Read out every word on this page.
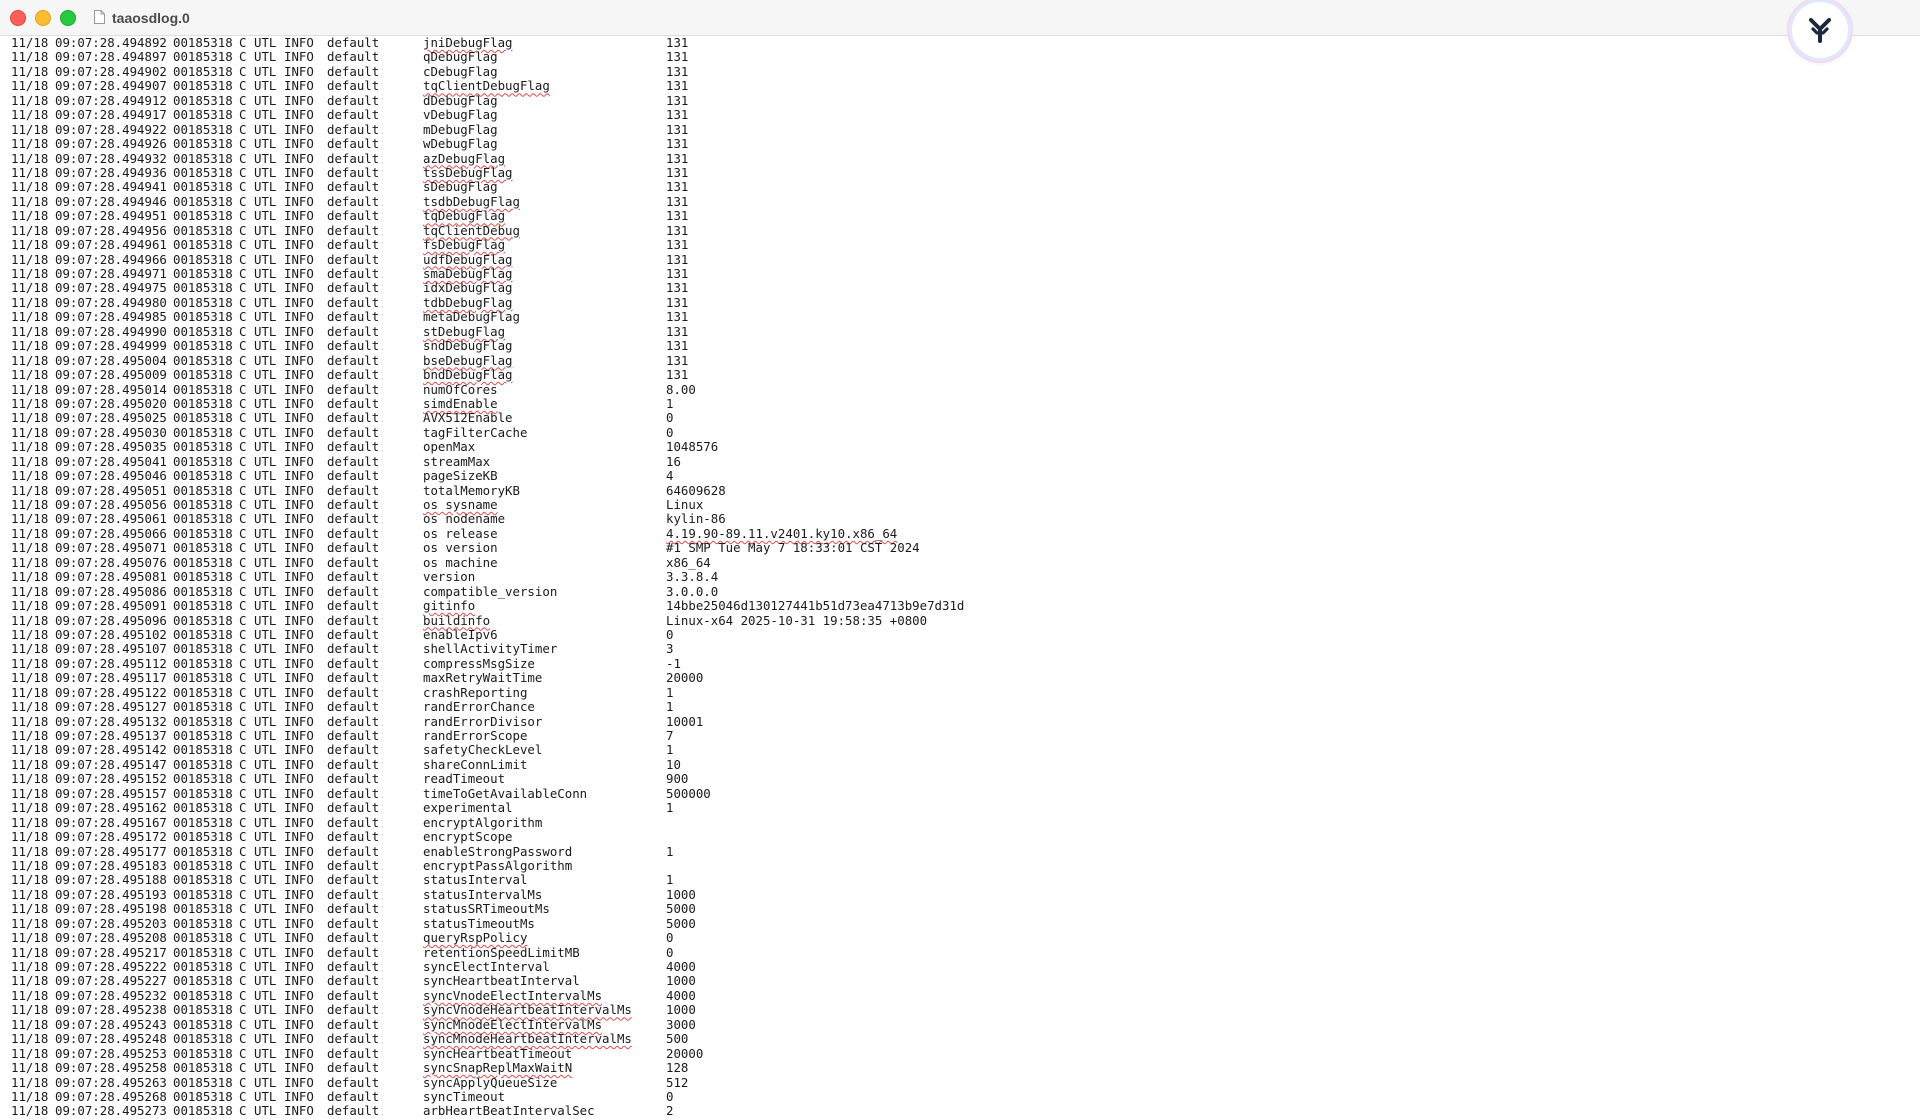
taaosdlog.0
11/18 09:07:28.494892 00185318 C UTL INFO default	jniDebugFlag	131
11/18 09:07:28.494897 00185318 C UTL INFO default	qDebugFlag	131
11/18 09:07:28.494902 00185318 C UTL INFO default	cDebugFlag	131
11/18 09:07:28.494907 00185318 C UTL INFO default	tqClientDebugFlag	131
11/18 09:07:28.494912 00185318 C UTL INFO default	dDebugFlag	131
11/18 09:07:28.494917 00185318 C UTL INFO default	vDebugFlag	131
11/18 09:07:28.494922 00185318 C UTL INFO default	mDebugFlag	131
11/18 09:07:28.494926 00185318 C UTL INFO default	wDebugFlag	131
11/18 09:07:28.494932 00185318 C UTL INFO default	azDebugFlag	131
11/18 09:07:28.494936 00185318 C UTL INFO default	tssDebugFlag	131
11/18 09:07:28.494941 00185318 C UTL INFO default	sDebugFlag	131
11/18 09:07:28.494946 00185318 C UTL INFO default	tsdbDebugFlag	131
11/18 09:07:28.494951 00185318 C UTL INFO default	tqDebugFlag	131
11/18 09:07:28.494956 00185318 C UTL INFO default	tqClientDebug	131
11/18 09:07:28.494961 00185318 C UTL INFO default	fsDebugFlag	131
11/18 09:07:28.494966 00185318 C UTL INFO default	udfDebugFlag	131
11/18 09:07:28.494971 00185318 C UTL INFO default	smaDebugFlag	131
11/18 09:07:28.494975 00185318 C UTL INFO default	idxDebugFlag	131
11/18 09:07:28.494980 00185318 C UTL INFO default	tdbDebugFlag	131
11/18 09:07:28.494985 00185318 C UTL INFO default	metaDebugFlag	131
11/18 09:07:28.494990 00185318 C UTL INFO default	stDebugFlag	131
11/18 09:07:28.494999 00185318 C UTL INFO default	sndDebugFlag	131
11/18 09:07:28.495004 00185318 C UTL INFO default	bseDebugFlag	131
11/18 09:07:28.495009 00185318 C UTL INFO default	bndDebugFlag	131
11/18 09:07:28.495014 00185318 C UTL INFO default	numOfCores	8.00
11/18 09:07:28.495020 00185318 C UTL INFO default	simdEnable	1
11/18 09:07:28.495025 00185318 C UTL INFO default	AVX512Enable	0
11/18 09:07:28.495030 00185318 C UTL INFO default	tagFilterCache	0
11/18 09:07:28.495035 00185318 C UTL INFO default	openMax	1048576
11/18 09:07:28.495041 00185318 C UTL INFO default	streamMax	16
11/18 09:07:28.495046 00185318 C UTL INFO default	pageSizeKB	4
11/18 09:07:28.495051 00185318 C UTL INFO default	totalMemoryKB	64609628
11/18 09:07:28.495056 00185318 C UTL INFO default	os sysname	Linux
11/18 09:07:28.495061 00185318 C UTL INFO default	os nodename	kylin-86
11/18 09:07:28.495066 00185318 C UTL INFO default	os release	4.19.90-89.11.v2401.ky10.x86_64
11/18 09:07:28.495071 00185318 C UTL INFO default	os version	#1 SMP Tue May 7 18:33:01 CST 2024
11/18 09:07:28.495076 00185318 C UTL INFO default	os machine	x86_64
11/18 09:07:28.495081 00185318 C UTL INFO default	version	3.3.8.4
11/18 09:07:28.495086 00185318 C UTL INFO default	compatible_version	3.0.0.0
11/18 09:07:28.495091 00185318 C UTL INFO default	gitinfo	14bbe25046d130127441b51d73ea4713b9e7d31d
11/18 09:07:28.495096 00185318 C UTL INFO default	buildinfo	Linux-x64 2025-10-31 19:58:35 +0800
11/18 09:07:28.495102 00185318 C UTL INFO default	enableIpv6	0
11/18 09:07:28.495107 00185318 C UTL INFO default	shellActivityTimer	3
11/18 09:07:28.495112 00185318 C UTL INFO default	compressMsgSize	-1
11/18 09:07:28.495117 00185318 C UTL INFO default	maxRetryWaitTime	20000
11/18 09:07:28.495122 00185318 C UTL INFO default	crashReporting	1
11/18 09:07:28.495127 00185318 C UTL INFO default	randErrorChance	1
11/18 09:07:28.495132 00185318 C UTL INFO default	randErrorDivisor	10001
11/18 09:07:28.495137 00185318 C UTL INFO default	randErrorScope	7
11/18 09:07:28.495142 00185318 C UTL INFO default	safetyCheckLevel	1
11/18 09:07:28.495147 00185318 C UTL INFO default	shareConnLimit	10
11/18 09:07:28.495152 00185318 C UTL INFO default	readTimeout	900
11/18 09:07:28.495157 00185318 C UTL INFO default	timeToGetAvailableConn	500000
11/18 09:07:28.495162 00185318 C UTL INFO default	experimental	1
11/18 09:07:28.495167 00185318 C UTL INFO default	encryptAlgorithm
11/18 09:07:28.495172 00185318 C UTL INFO default	encryptScope
11/18 09:07:28.495177 00185318 C UTL INFO default	enableStrongPassword	1
11/18 09:07:28.495183 00185318 C UTL INFO default	encryptPassAlgorithm
11/18 09:07:28.495188 00185318 C UTL INFO default	statusInterval	1
11/18 09:07:28.495193 00185318 C UTL INFO default	statusIntervalMs	1000
11/18 09:07:28.495198 00185318 C UTL INFO default	statusSRTimeoutMs	5000
11/18 09:07:28.495203 00185318 C UTL INFO default	statusTimeoutMs	5000
11/18 09:07:28.495208 00185318 C UTL INFO default	queryRspPolicy	0
11/18 09:07:28.495217 00185318 C UTL INFO default	retentionSpeedLimitMB	0
11/18 09:07:28.495222 00185318 C UTL INFO default	syncElectInterval	4000
11/18 09:07:28.495227 00185318 C UTL INFO default	syncHeartbeatInterval	1000
11/18 09:07:28.495232 00185318 C UTL INFO default	syncVnodeElectIntervalMs	4000
11/18 09:07:28.495238 00185318 C UTL INFO default	syncVnodeHeartbeatIntervalMs	1000
11/18 09:07:28.495243 00185318 C UTL INFO default	syncMnodeElectIntervalMs	3000
11/18 09:07:28.495248 00185318 C UTL INFO default	syncMnodeHeartbeatIntervalMs	500
11/18 09:07:28.495253 00185318 C UTL INFO default	syncHeartbeatTimeout	20000
11/18 09:07:28.495258 00185318 C UTL INFO default	syncSnapReplMaxWaitN	128
11/18 09:07:28.495263 00185318 C UTL INFO default	syncApplyQueueSize	512
11/18 09:07:28.495268 00185318 C UTL INFO default	syncTimeout	0
11/18 09:07:28.495273 00185318 C UTL INFO default	arbHeartBeatIntervalSec	2
